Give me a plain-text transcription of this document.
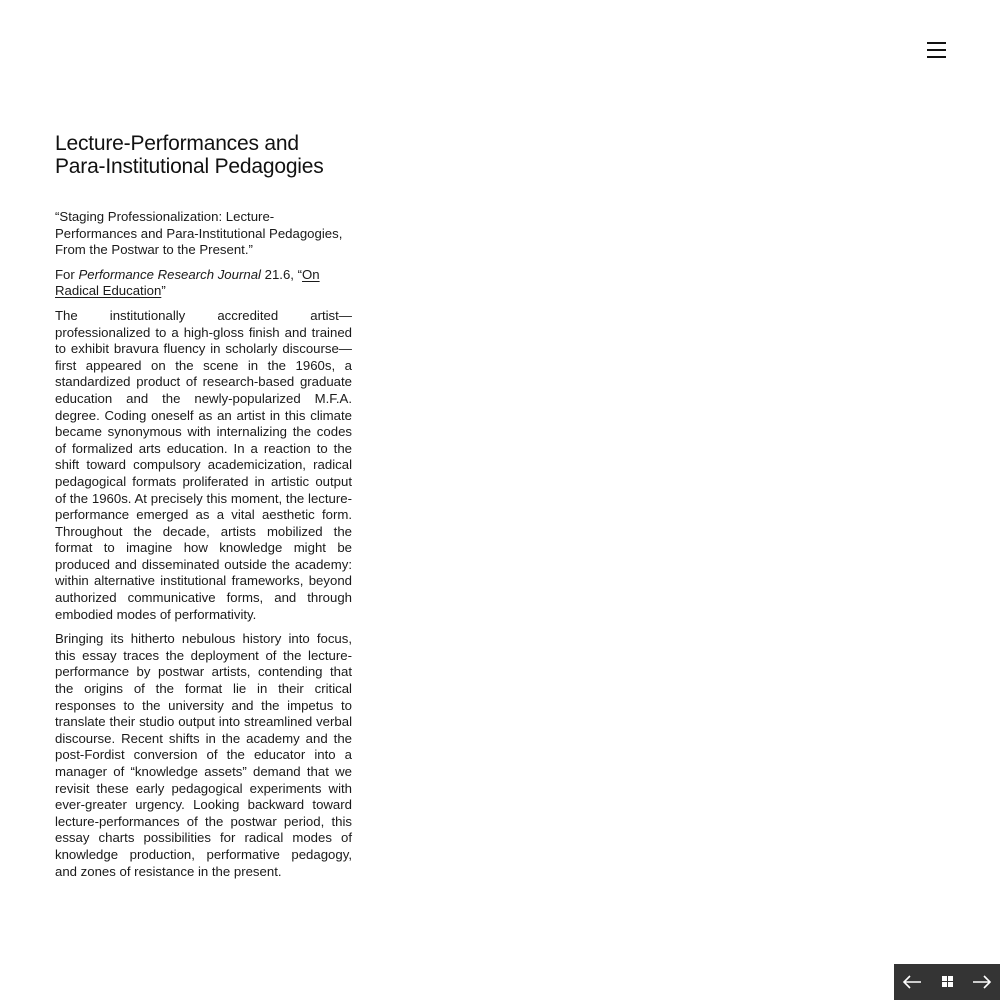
Lecture-Performances and
Para-Institutional Pedagogies

“Staging Professionalization: Lecture-Performances and Para-Institutional Pedagogies, From the Postwar to the Present.”

For Performance Research Journal 21.6, “On Radical Education”

The institutionally accredited artist—professionalized to a high-gloss finish and trained to exhibit bravura fluency in scholarly discourse—first appeared on the scene in the 1960s, a standardized product of research-based graduate education and the newly-popularized M.F.A. degree. Coding oneself as an artist in this climate became synonymous with internalizing the codes of formalized arts education. In a reaction to the shift toward compulsory academicization, radical pedagogical formats proliferated in artistic output of the 1960s. At precisely this moment, the lecture-performance emerged as a vital aesthetic form. Throughout the decade, artists mobilized the format to imagine how knowledge might be produced and disseminated outside the academy: within alternative institutional frameworks, beyond authorized communicative forms, and through embodied modes of performativity.

Bringing its hitherto nebulous history into focus, this essay traces the deployment of the lecture-performance by postwar artists, contending that the origins of the format lie in their critical responses to the university and the impetus to translate their studio output into streamlined verbal discourse. Recent shifts in the academy and the post-Fordist conversion of the educator into a manager of “knowledge assets” demand that we revisit these early pedagogical experiments with ever-greater urgency. Looking backward toward lecture-performances of the postwar period, this essay charts possibilities for radical modes of knowledge production, performative pedagogy, and zones of resistance in the present.
